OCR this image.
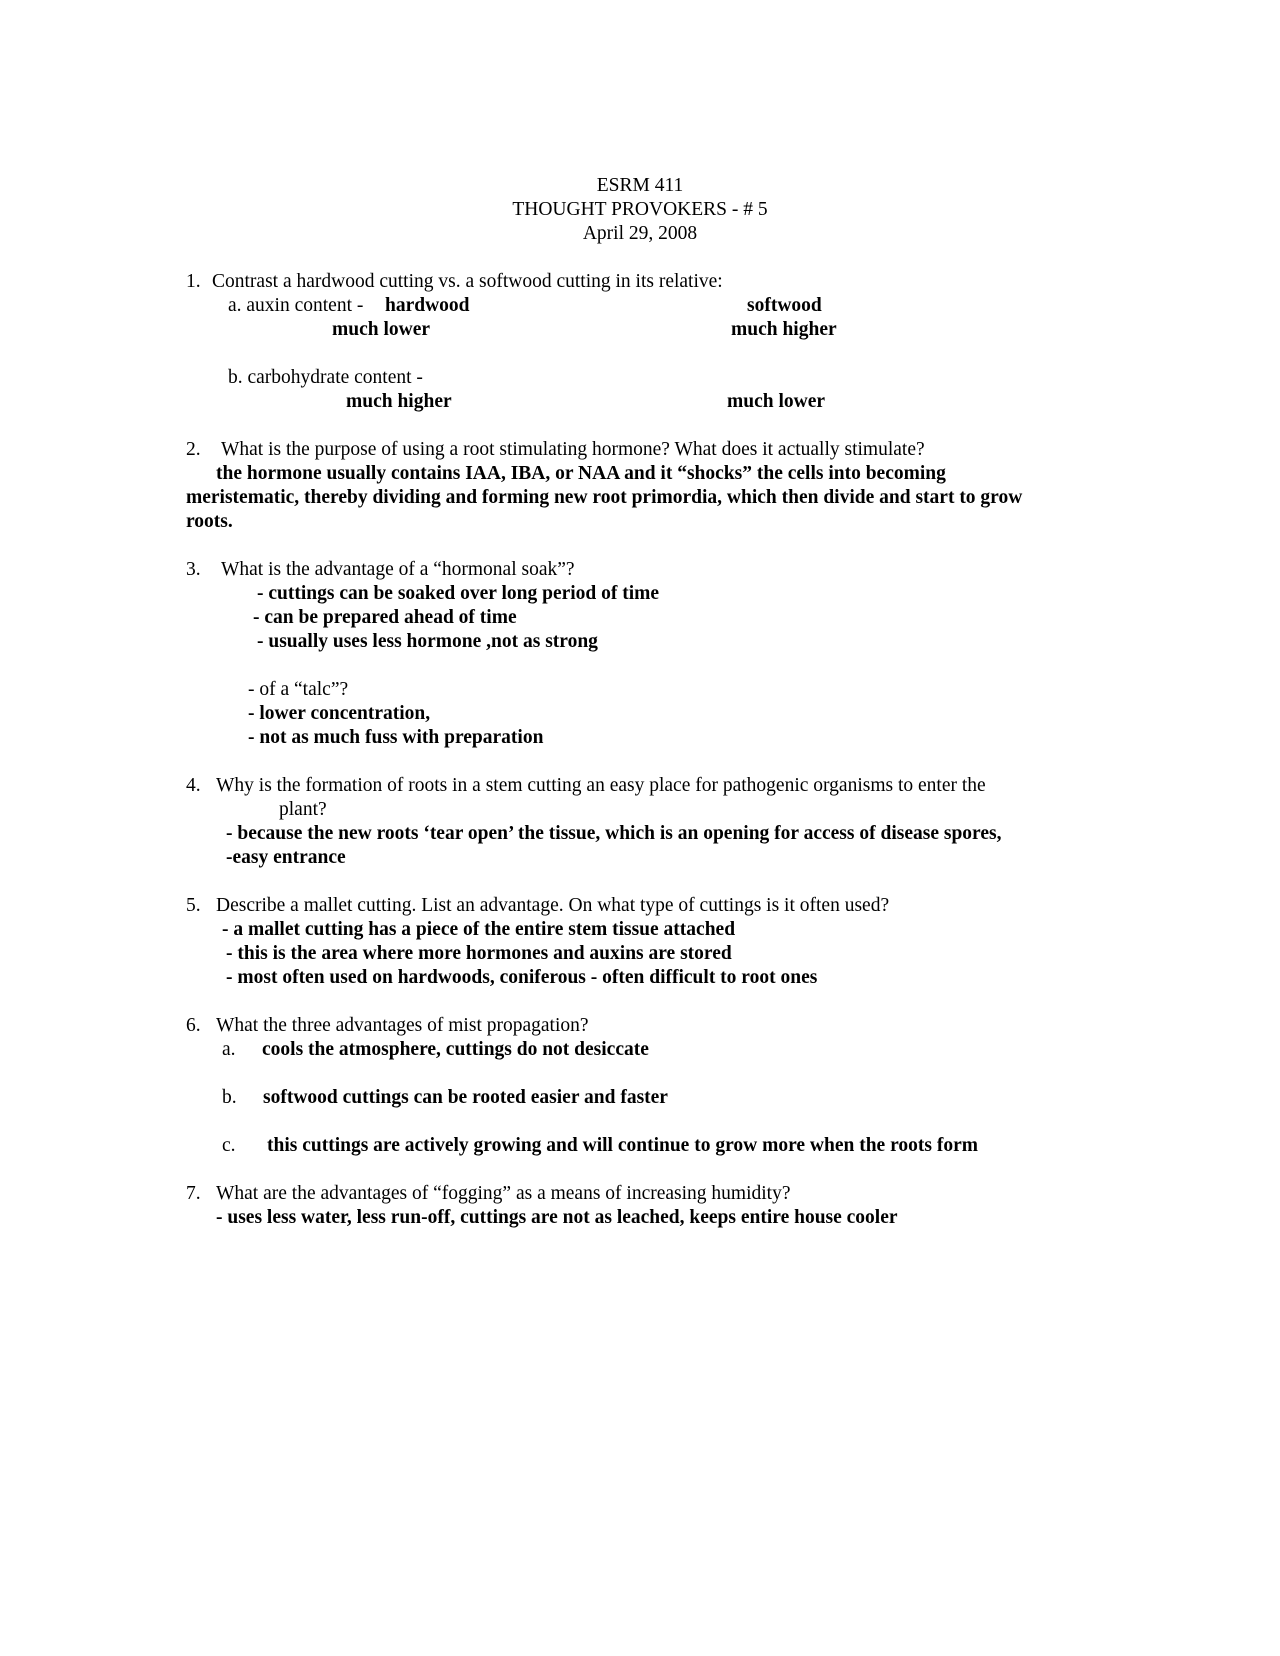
ESRM 411
THOUGHT PROVOKERS - # 5
April 29, 2008
1. Contrast a hardwood cutting vs. a softwood cutting in its relative:
a. auxin content - hardwood	softwood
much lower	much higher
b. carbohydrate content -
much higher	much lower
2. What is the purpose of using a root stimulating hormone? What does it actually stimulate?
the hormone usually contains IAA, IBA, or NAA and it “shocks” the cells into becoming
meristematic, thereby dividing and forming new root primordia, which then divide and start to grow
roots.
3. What is the advantage of a “hormonal soak”?
- cuttings can be soaked over long period of time
- can be prepared ahead of time
- usually uses less hormone ,not as strong
- of a “talc”?
- lower concentration,
- not as much fuss with preparation
4. Why is the formation of roots in a stem cutting an easy place for pathogenic organisms to enter the
plant?
- because the new roots ‘tear open’ the tissue, which is an opening for access of disease spores,
-easy entrance
5. Describe a mallet cutting. List an advantage. On what type of cuttings is it often used?
- a mallet cutting has a piece of the entire stem tissue attached
- this is the area where more hormones and auxins are stored
- most often used on hardwoods, coniferous - often difficult to root ones
6. What the three advantages of mist propagation?
a. cools the atmosphere, cuttings do not desiccate
b. softwood cuttings can be rooted easier and faster
c. this cuttings are actively growing and will continue to grow more when the roots form
7. What are the advantages of “fogging” as a means of increasing humidity?
- uses less water, less run-off, cuttings are not as leached, keeps entire house cooler
